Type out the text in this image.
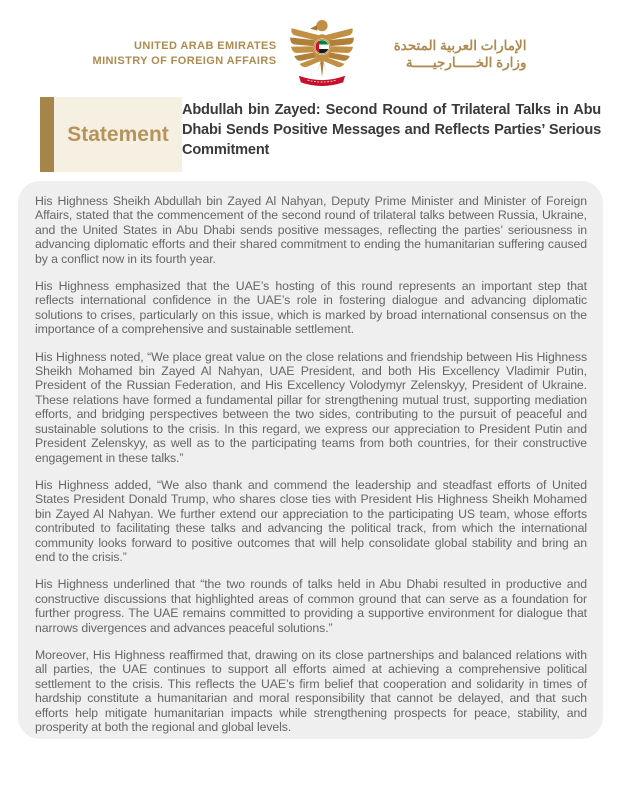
UNITED ARAB EMIRATES
MINISTRY OF FOREIGN AFFAIRS
الإمارات العربية المتحدة
وزارة الخـــــارجيـــــة
Statement
Abdullah bin Zayed: Second Round of Trilateral Talks in Abu Dhabi Sends Positive Messages and Reflects Parties’ Serious Commitment

His Highness Sheikh Abdullah bin Zayed Al Nahyan, Deputy Prime Minister and Minister of Foreign Affairs, stated that the commencement of the second round of trilateral talks between Russia, Ukraine, and the United States in Abu Dhabi sends positive messages, reflecting the parties’ seriousness in advancing diplomatic efforts and their shared commitment to ending the humanitarian suffering caused by a conflict now in its fourth year.

His Highness emphasized that the UAE’s hosting of this round represents an important step that reflects international confidence in the UAE’s role in fostering dialogue and advancing diplomatic solutions to crises, particularly on this issue, which is marked by broad international consensus on the importance of a comprehensive and sustainable settlement.

His Highness noted, “We place great value on the close relations and friendship between His Highness Sheikh Mohamed bin Zayed Al Nahyan, UAE President, and both His Excellency Vladimir Putin, President of the Russian Federation, and His Excellency Volodymyr Zelenskyy, President of Ukraine. These relations have formed a fundamental pillar for strengthening mutual trust, supporting mediation efforts, and bridging perspectives between the two sides, contributing to the pursuit of peaceful and sustainable solutions to the crisis. In this regard, we express our appreciation to President Putin and President Zelenskyy, as well as to the participating teams from both countries, for their constructive engagement in these talks.”

His Highness added, “We also thank and commend the leadership and steadfast efforts of United States President Donald Trump, who shares close ties with President His Highness Sheikh Mohamed bin Zayed Al Nahyan. We further extend our appreciation to the participating US team, whose efforts contributed to facilitating these talks and advancing the political track, from which the international community looks forward to positive outcomes that will help consolidate global stability and bring an end to the crisis.”

His Highness underlined that “the two rounds of talks held in Abu Dhabi resulted in productive and constructive discussions that highlighted areas of common ground that can serve as a foundation for further progress. The UAE remains committed to providing a supportive environment for dialogue that narrows divergences and advances peaceful solutions.”

Moreover, His Highness reaffirmed that, drawing on its close partnerships and balanced relations with all parties, the UAE continues to support all efforts aimed at achieving a comprehensive political settlement to the crisis. This reflects the UAE’s firm belief that cooperation and solidarity in times of hardship constitute a humanitarian and moral responsibility that cannot be delayed, and that such efforts help mitigate humanitarian impacts while strengthening prospects for peace, stability, and prosperity at both the regional and global levels.
